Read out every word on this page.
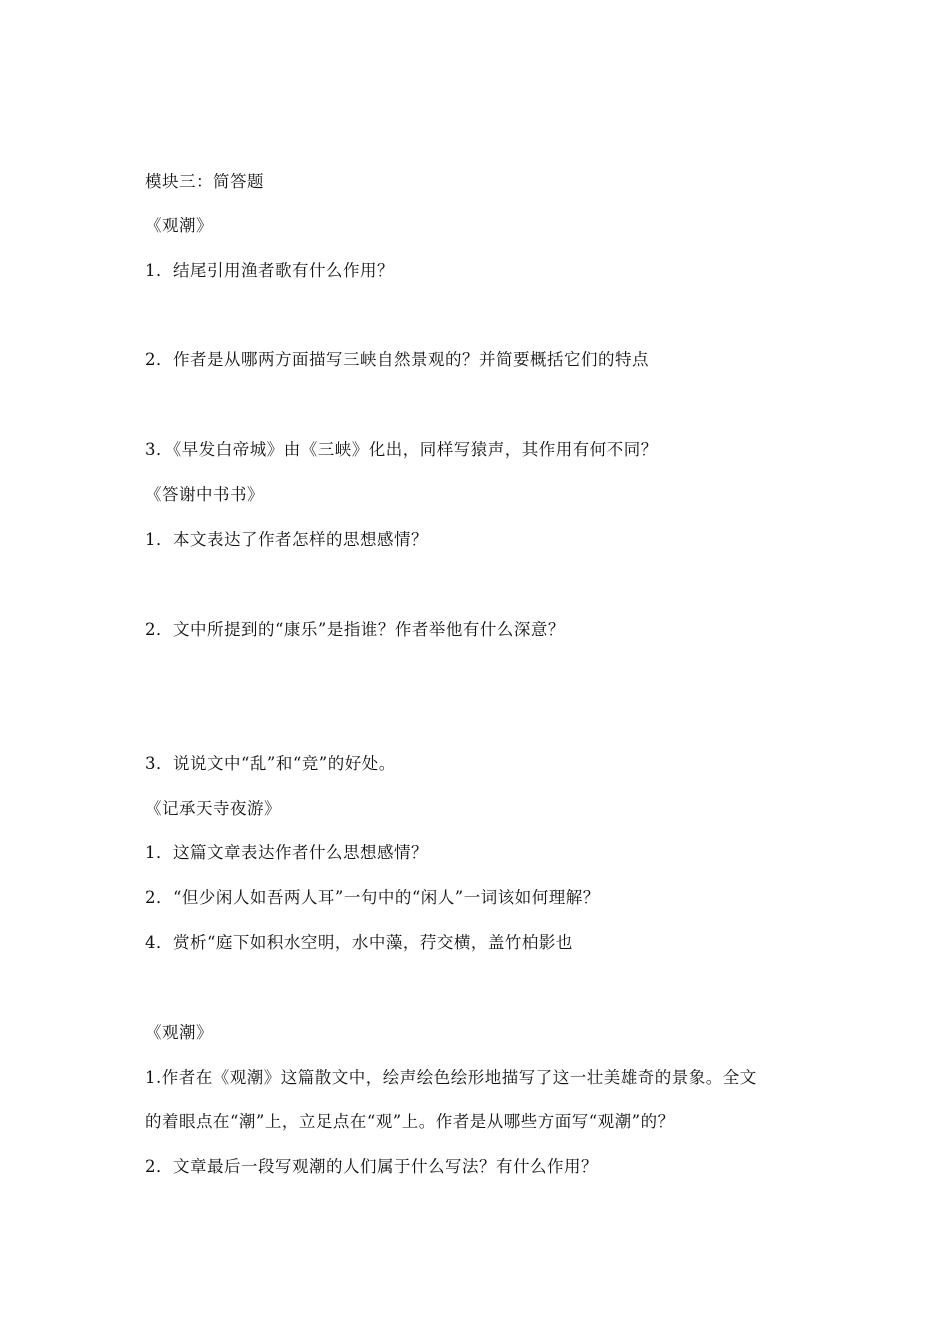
模块三：简答题
《观潮》
1．结尾引用渔者歌有什么作用？
2．作者是从哪两方面描写三峡自然景观的？并简要概括它们的特点
3．《早发白帝城》由《三峡》化出，同样写猿声，其作用有何不同？
《答谢中书书》
1．本文表达了作者怎样的思想感情？
2．文中所提到的“康乐”是指谁？作者举他有什么深意？
3．说说文中“乱”和“竞”的好处。
《记承天寺夜游》
1．这篇文章表达作者什么思想感情？
2．“但少闲人如吾两人耳”一句中的“闲人”一词该如何理解？
4．赏析“庭下如积水空明，水中藻，荇交横，盖竹柏影也
《观潮》
1.作者在《观潮》这篇散文中，绘声绘色绘形地描写了这一壮美雄奇的景象。全文
的着眼点在“潮”上，立足点在“观”上。作者是从哪些方面写“观潮”的？
2．文章最后一段写观潮的人们属于什么写法？有什么作用？
